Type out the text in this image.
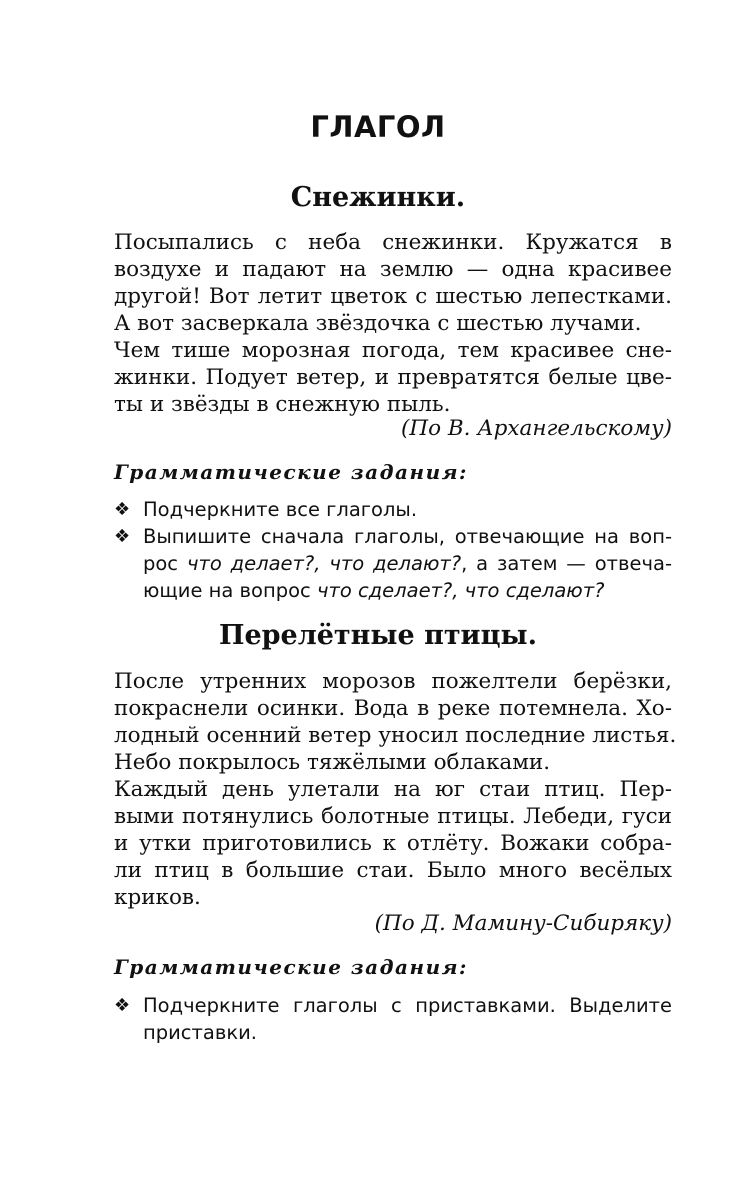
ГЛАГОЛ
Снежинки.
Посыпались с неба снежинки. Кружатся в
воздухе и падают на землю — одна красивее
другой! Вот летит цветок с шестью лепестками.
А вот засверкала звёздочка с шестью лучами.
Чем тише морозная погода, тем красивее сне-
жинки. Подует ветер, и превратятся белые цве-
ты и звёзды в снежную пыль.
(По В. Архангельскому)
Грамматические задания:
❖ Подчеркните все глаголы.
❖ Выпишите сначала глаголы, отвечающие на воп-
рос что делает?, что делают?, а затем — отвеча-
ющие на вопрос что сделает?, что сделают?
Перелётные птицы.
После утренних морозов пожелтели берёзки,
покраснели осинки. Вода в реке потемнела. Хо-
лодный осенний ветер уносил последние листья.
Небо покрылось тяжёлыми облаками.
Каждый день улетали на юг стаи птиц. Пер-
выми потянулись болотные птицы. Лебеди, гуси
и утки приготовились к отлёту. Вожаки собра-
ли птиц в большие стаи. Было много весёлых
криков.
(По Д. Мамину-Сибиряку)
Грамматические задания:
❖ Подчеркните глаголы с приставками. Выделите
приставки.
